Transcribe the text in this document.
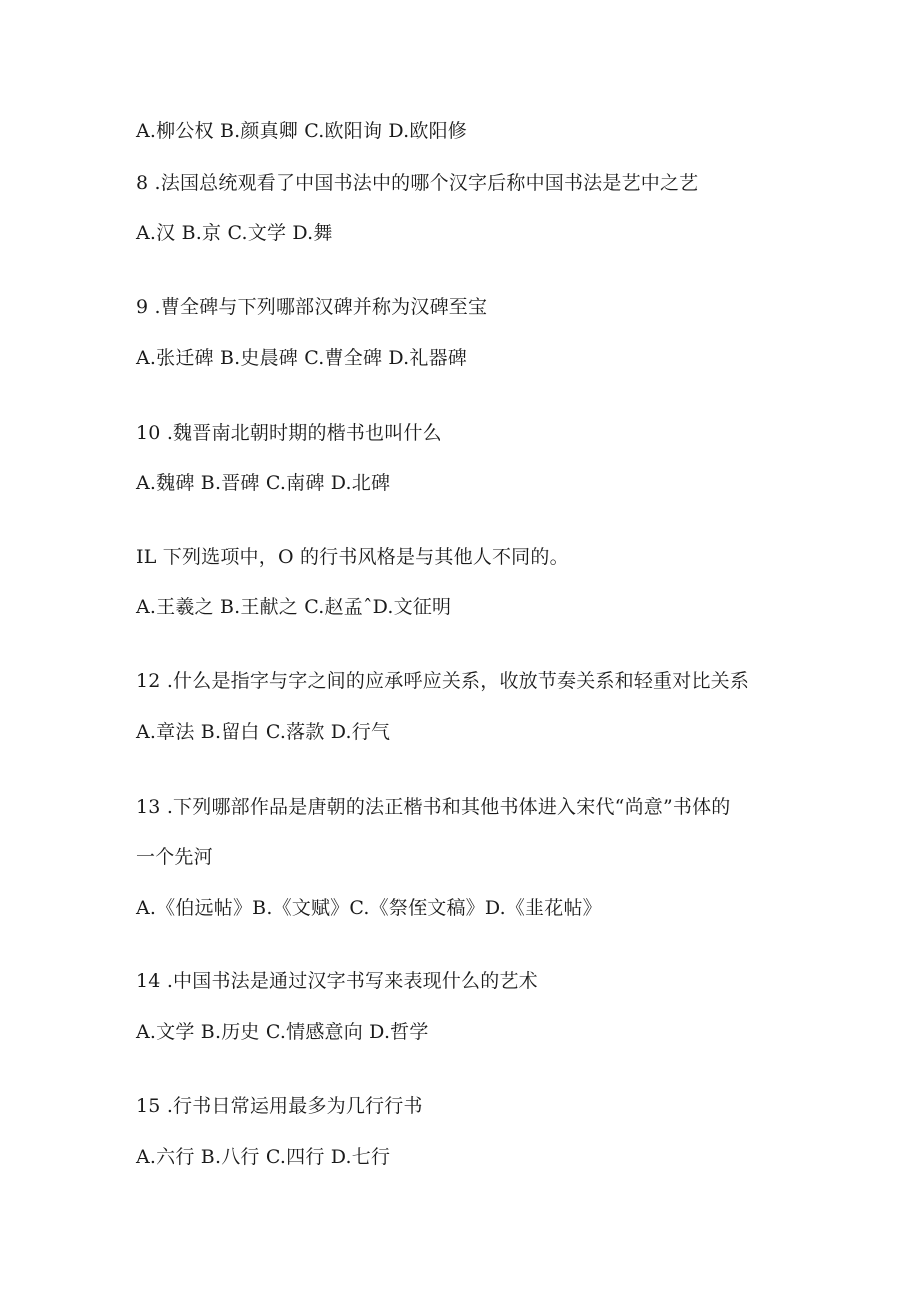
A.柳公权 B.颜真卿 C.欧阳询 D.欧阳修
8 .法国总统观看了中国书法中的哪个汉字后称中国书法是艺中之艺
A.汉 B.京 C.文学 D.舞
9 .曹全碑与下列哪部汉碑并称为汉碑至宝
A.张迁碑 B.史晨碑 C.曹全碑 D.礼器碑
10 .魏晋南北朝时期的楷书也叫什么
A.魏碑 B.晋碑 C.南碑 D.北碑
IL 下列选项中，O 的行书风格是与其他人不同的。
A.王羲之 B.王献之 C.赵孟ˆD.文征明
12 .什么是指字与字之间的应承呼应关系，收放节奏关系和轻重对比关系
A.章法 B.留白 C.落款 D.行气
13 .下列哪部作品是唐朝的法正楷书和其他书体进入宋代“尚意”书体的
一个先河
A.《伯远帖》B.《文赋》C.《祭侄文稿》D.《韭花帖》
14 .中国书法是通过汉字书写来表现什么的艺术
A.文学 B.历史 C.情感意向 D.哲学
15 .行书日常运用最多为几行行书
A.六行 B.八行 C.四行 D.七行
